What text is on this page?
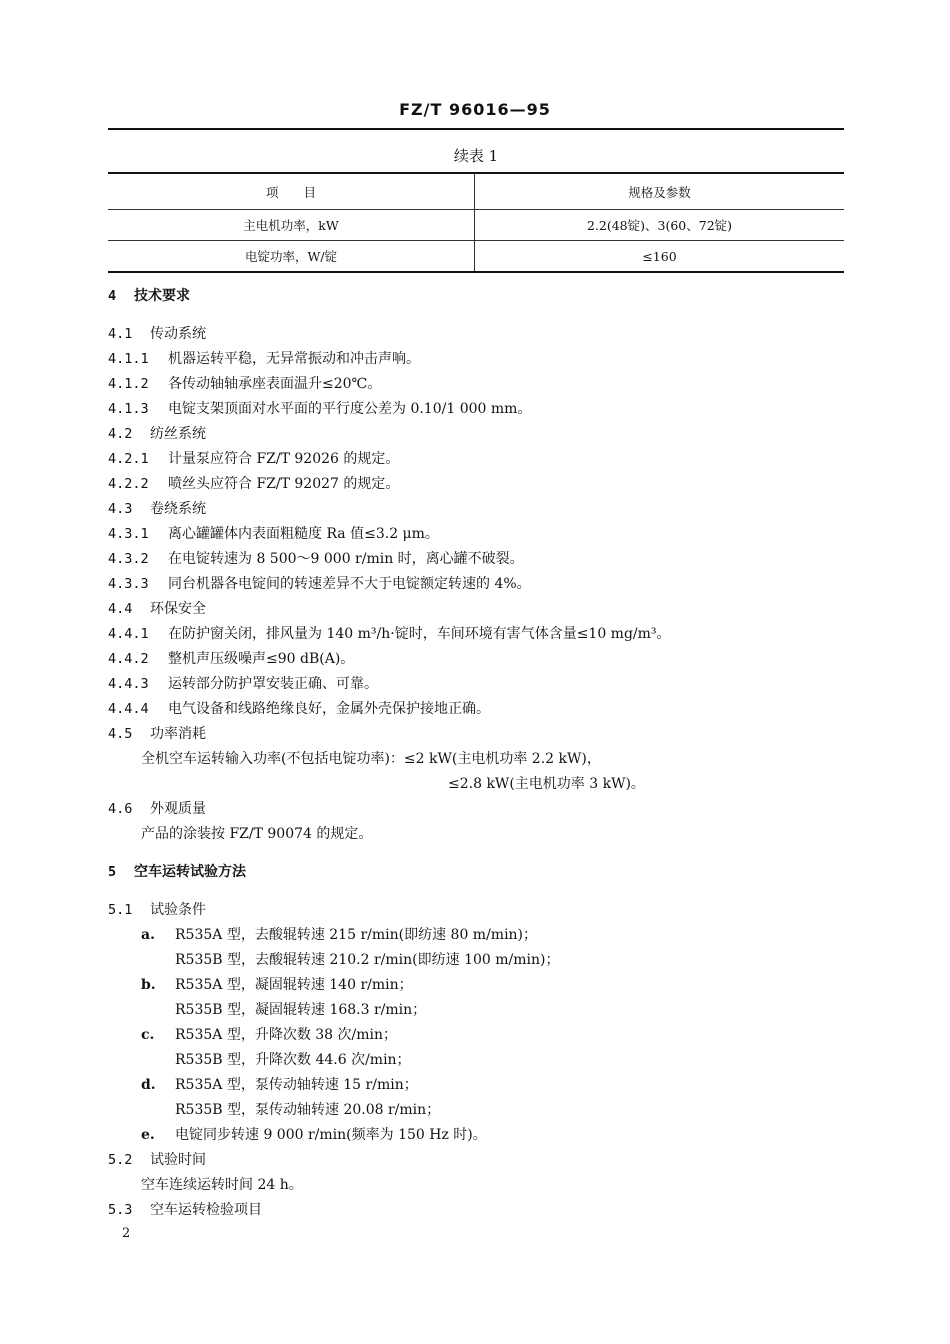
FZ/T 96016—95
续表 1
项　　目	规格及参数
主电机功率，kW	2.2(48锭)、3(60、72锭)
电锭功率，W/锭	≤160
4 技术要求
4.1 传动系统
4.1.1 机器运转平稳，无异常振动和冲击声响。
4.1.2 各传动轴轴承座表面温升≤20℃。
4.1.3 电锭支架顶面对水平面的平行度公差为 0.10/1 000 mm。
4.2 纺丝系统
4.2.1 计量泵应符合 FZ/T 92026 的规定。
4.2.2 喷丝头应符合 FZ/T 92027 的规定。
4.3 卷绕系统
4.3.1 离心罐罐体内表面粗糙度 Ra 值≤3.2 μm。
4.3.2 在电锭转速为 8 500～9 000 r/min 时，离心罐不破裂。
4.3.3 同台机器各电锭间的转速差异不大于电锭额定转速的 4%。
4.4 环保安全
4.4.1 在防护窗关闭，排风量为 140 m³/h·锭时，车间环境有害气体含量≤10 mg/m³。
4.4.2 整机声压级噪声≤90 dB(A)。
4.4.3 运转部分防护罩安装正确、可靠。
4.4.4 电气设备和线路绝缘良好，金属外壳保护接地正确。
4.5 功率消耗
全机空车运转输入功率(不包括电锭功率)：≤2 kW(主电机功率 2.2 kW)，
≤2.8 kW(主电机功率 3 kW)。
4.6 外观质量
产品的涂装按 FZ/T 90074 的规定。
5 空车运转试验方法
5.1 试验条件
a. R535A 型，去酸辊转速 215 r/min(即纺速 80 m/min)；
R535B 型，去酸辊转速 210.2 r/min(即纺速 100 m/min)；
b. R535A 型，凝固辊转速 140 r/min；
R535B 型，凝固辊转速 168.3 r/min；
c. R535A 型，升降次数 38 次/min；
R535B 型，升降次数 44.6 次/min；
d. R535A 型，泵传动轴转速 15 r/min；
R535B 型，泵传动轴转速 20.08 r/min；
e. 电锭同步转速 9 000 r/min(频率为 150 Hz 时)。
5.2 试验时间
空车连续运转时间 24 h。
5.3 空车运转检验项目
2
